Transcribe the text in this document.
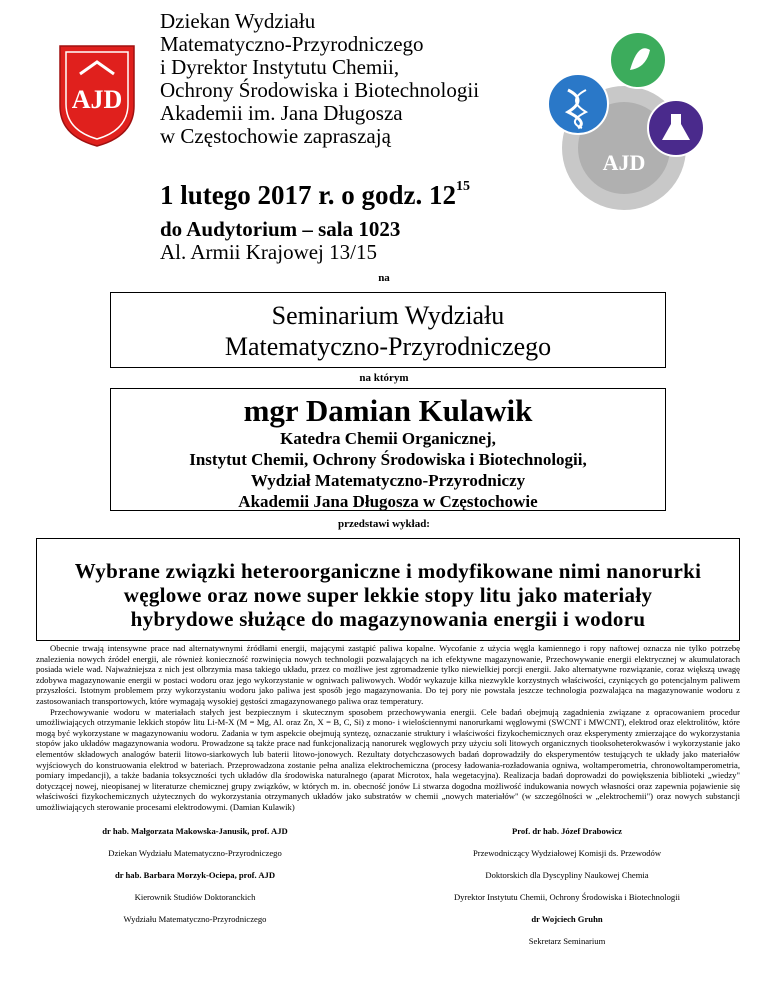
AJD
AJD
Dziekan Wydziału
Matematyczno-Przyrodniczego
i Dyrektor Instytutu Chemii,
Ochrony Środowiska i Biotechnologii
Akademii im. Jana Długosza
w Częstochowie zapraszają
1 lutego 2017 r. o godz. $12^{15}$
do Audytorium – sala 1023
Al. Armii Krajowej 13/15
na
Seminarium Wydziału
Matematyczno-Przyrodniczego
na którym
mgr Damian Kulawik
Katedra Chemii Organicznej,
Instytut Chemii, Ochrony Środowiska i Biotechnologii,
Wydział Matematyczno-Przyrodniczy
Akademii Jana Długosza w Częstochowie
przedstawi wykład:
Wybrane związki heteroorganiczne i modyfikowane nimi nanorurki
węglowe oraz nowe super lekkie stopy litu jako materiały
hybrydowe służące do magazynowania energii i wodoru

Obecnie trwają intensywne prace nad alternatywnymi źródłami energii, mającymi zastąpić paliwa kopalne. Wycofanie z użycia węgla kamiennego i ropy naftowej oznacza nie tylko potrzebę znalezienia nowych źródeł energii, ale również konieczność rozwinięcia nowych technologii pozwalających na ich efektywne magazynowanie, Przechowywanie energii elektrycznej w akumulatorach posiada wiele wad. Najważniejsza z nich jest olbrzymia masa takiego układu, przez co możliwe jest zgromadzenie tylko niewielkiej porcji energii. Jako alternatywne rozwiązanie, coraz większą uwagę zdobywa magazynowanie energii w postaci wodoru oraz jego wykorzystanie w ogniwach paliwowych. Wodór wykazuje kilka niezwykle korzystnych właściwości, czyniących go potencjalnym paliwem przyszłości. Istotnym problemem przy wykorzystaniu wodoru jako paliwa jest sposób jego magazynowania. Do tej pory nie powstała jeszcze technologia pozwalająca na magazynowanie wodoru z zastosowaniach transportowych, które wymagają wysokiej gęstości zmagazynowanego paliwa oraz temperatury.

Przechowywanie wodoru w materiałach stałych jest bezpiecznym i skutecznym sposobem przechowywania energii. Cele badań obejmują zagadnienia związane z opracowaniem procedur umożliwiających otrzymanie lekkich stopów litu Li-M-X (M = Mg, Al. oraz Zn, X = B, C, Si) z mono- i wielościennymi nanorurkami węglowymi (SWCNT i MWCNT), elektrod oraz elektrolitów, które mogą być wykorzystane w magazynowaniu wodoru. Zadania w tym aspekcie obejmują syntezę, oznaczanie struktury i właściwości fizykochemicznych oraz eksperymenty zmierzające do wykorzystania stopów jako układów magazynowania wodoru. Prowadzone są także prace nad funkcjonalizacją nanorurek węglowych przy użyciu soli litowych organicznych tiooksoheterokwasów i wykorzystanie jako elementów składowych analogów baterii litowo-siarkowych lub baterii litowo-jonowych. Rezultaty dotychczasowych badań doprowadziły do eksperymentów testujących te układy jako materiałów wyjściowych do konstruowania elektrod w bateriach. Przeprowadzona zostanie pełna analiza elektrochemiczna (procesy ładowania-rozładowania ogniwa, woltamperometria, chronowoltamperometria, pomiary impedancji), a także badania toksyczności tych układów dla środowiska naturalnego (aparat Microtox, hala wegetacyjna). Realizacja badań doprowadzi do powiększenia biblioteki „wiedzy" dotyczącej nowej, nieopisanej w literaturze chemicznej grupy związków, w których m. in. obecność jonów Li stwarza dogodna możliwość indukowania nowych własności oraz zapewnia pojawienie się właściwości fizykochemicznych użytecznych do wykorzystania otrzymanych układów jako substratów w chemii „nowych materiałów" (w szczególności w „elektrochemii") oraz nowych substancji umożliwiających sterowanie procesami elektrodowymi. (Damian Kulawik)

dr hab. Małgorzata Makowska-Janusik, prof. AJD
Dziekan Wydziału Matematyczno-Przyrodniczego
dr hab. Barbara Morzyk-Ociepa, prof. AJD
Kierownik Studiów Doktoranckich
Wydziału Matematyczno-Przyrodniczego
Prof. dr hab. Józef Drabowicz
Przewodniczący Wydziałowej Komisji ds. Przewodów
Doktorskich dla Dyscypliny Naukowej Chemia
Dyrektor Instytutu Chemii, Ochrony Środowiska i Biotechnologii
dr Wojciech Gruhn
Sekretarz Seminarium
